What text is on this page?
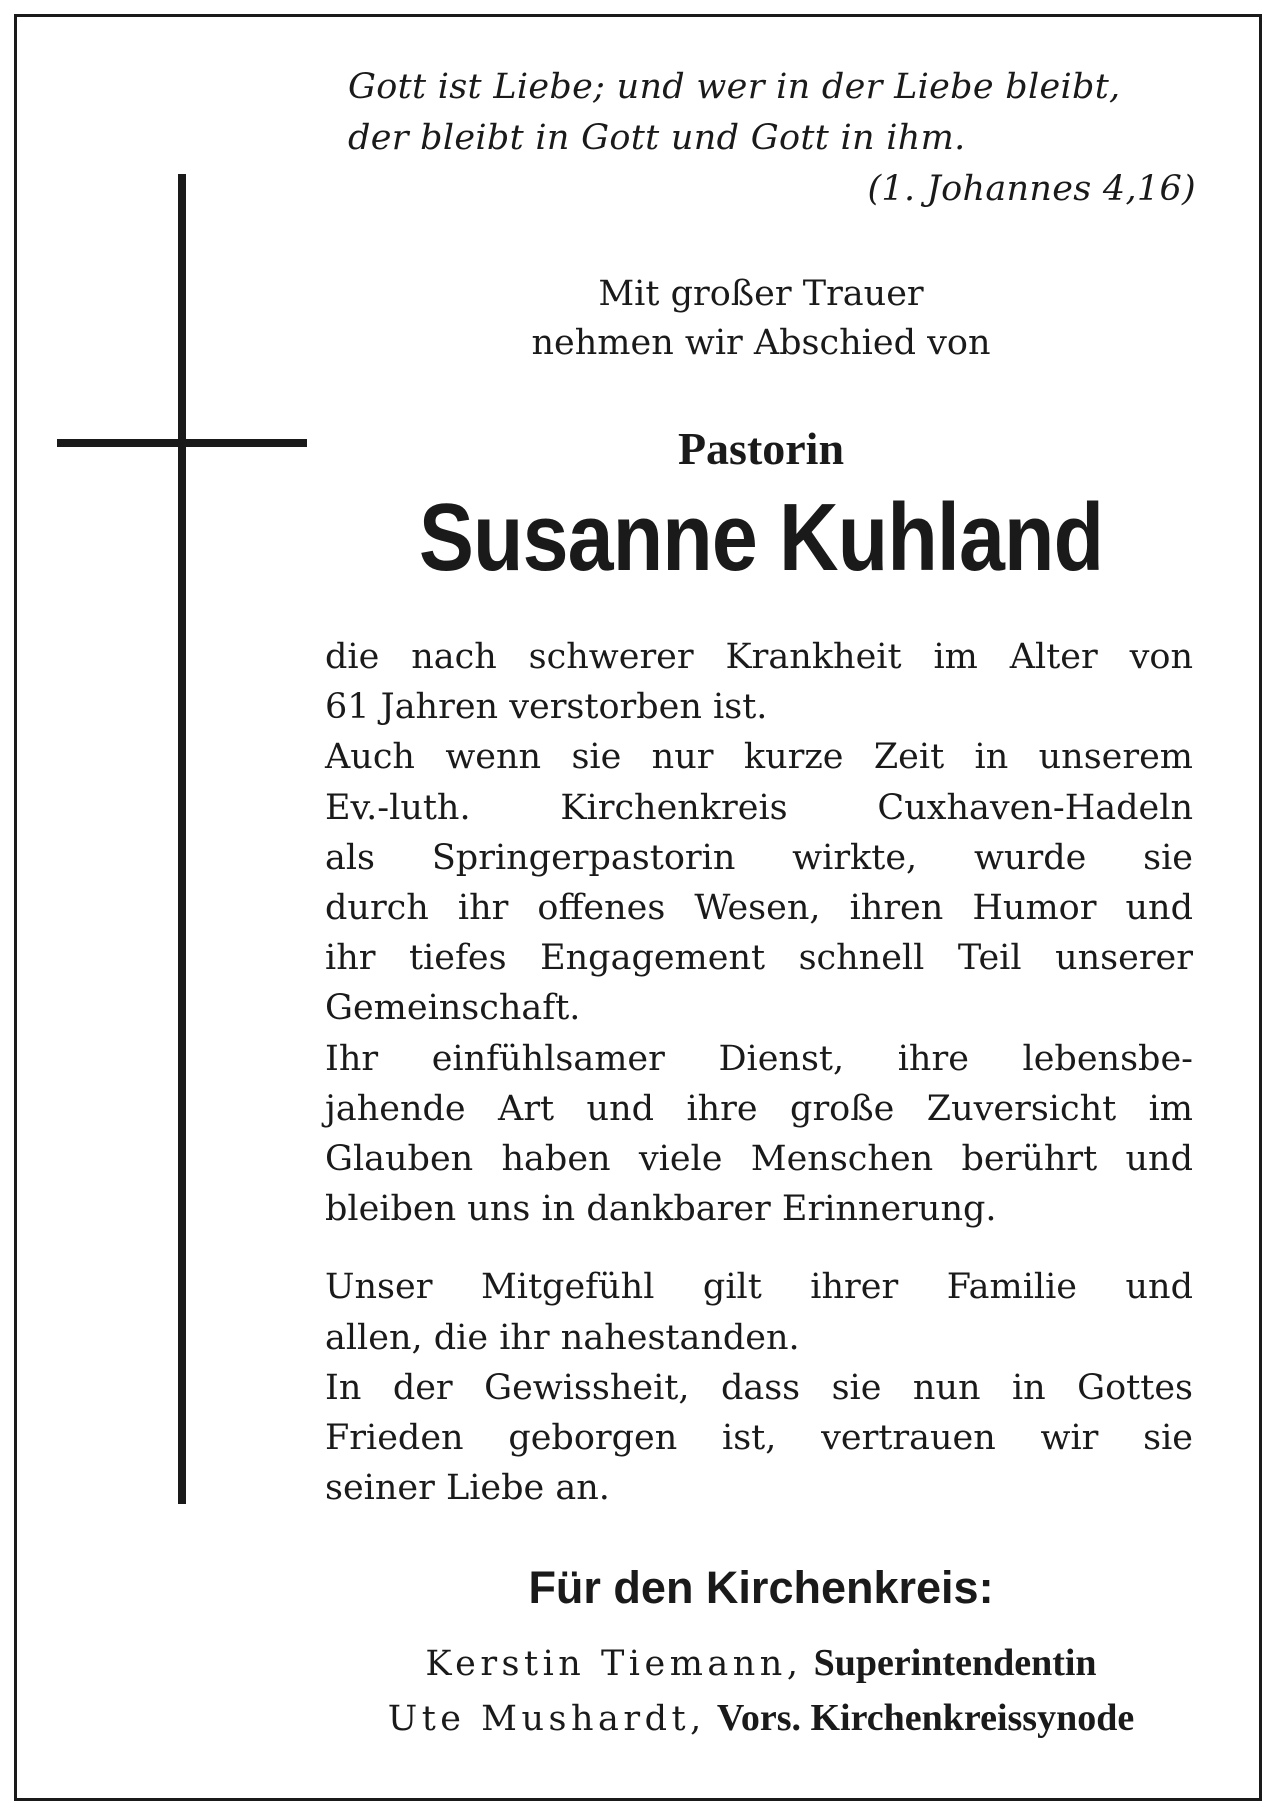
Gott ist Liebe; und wer in der Liebe bleibt,
der bleibt in Gott und Gott in ihm.
(1. Johannes 4,16)
Mit großer Trauer
nehmen wir Abschied von
Pastorin
Susanne Kuhland
die nach schwerer Krankheit im Alter von
61 Jahren verstorben ist.
Auch wenn sie nur kurze Zeit in unserem
Ev.-luth. Kirchenkreis Cuxhaven-Hadeln
als Springerpastorin wirkte, wurde sie
durch ihr offenes Wesen, ihren Humor und
ihr tiefes Engagement schnell Teil unserer
Gemeinschaft.
Ihr einfühlsamer Dienst, ihre lebensbe-
jahende Art und ihre große Zuversicht im
Glauben haben viele Menschen berührt und
bleiben uns in dankbarer Erinnerung.
Unser Mitgefühl gilt ihrer Familie und
allen, die ihr nahestanden.
In der Gewissheit, dass sie nun in Gottes
Frieden geborgen ist, vertrauen wir sie
seiner Liebe an.
Für den Kirchenkreis:
Kerstin Tiemann, Superintendentin
Ute Mushardt, Vors. Kirchenkreissynode
